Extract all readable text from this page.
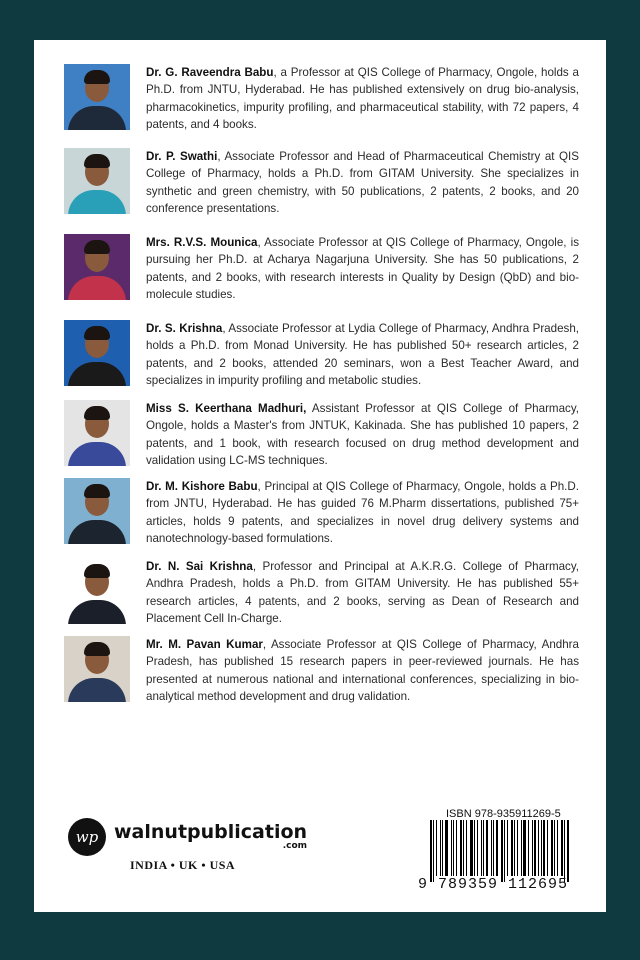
Dr. G. Raveendra Babu, a Professor at QIS College of Pharmacy, Ongole, holds a Ph.D. from JNTU, Hyderabad. He has published extensively on drug bio-analysis, pharmacokinetics, impurity profiling, and pharmaceutical stability, with 72 papers, 4 patents, and 4 books.
Dr. P. Swathi, Associate Professor and Head of Pharmaceutical Chemistry at QIS College of Pharmacy, holds a Ph.D. from GITAM University. She specializes in synthetic and green chemistry, with 50 publications, 2 patents, 2 books, and 20 conference presentations.
Mrs. R.V.S. Mounica, Associate Professor at QIS College of Pharmacy, Ongole, is pursuing her Ph.D. at Acharya Nagarjuna University. She has 50 publications, 2 patents, and 2 books, with research interests in Quality by Design (QbD) and bio-molecule studies.
Dr. S. Krishna, Associate Professor at Lydia College of Pharmacy, Andhra Pradesh, holds a Ph.D. from Monad University. He has published 50+ research articles, 2 patents, and 2 books, attended 20 seminars, won a Best Teacher Award, and specializes in impurity profiling and metabolic studies.
Miss S. Keerthana Madhuri, Assistant Professor at QIS College of Pharmacy, Ongole, holds a Master's from JNTUK, Kakinada. She has published 10 papers, 2 patents, and 1 book, with research focused on drug method development and validation using LC-MS techniques.
Dr. M. Kishore Babu, Principal at QIS College of Pharmacy, Ongole, holds a Ph.D. from JNTU, Hyderabad. He has guided 76 M.Pharm dissertations, published 75+ articles, holds 9 patents, and specializes in novel drug delivery systems and nanotechnology-based formulations.
Dr. N. Sai Krishna, Professor and Principal at A.K.R.G. College of Pharmacy, Andhra Pradesh, holds a Ph.D. from GITAM University. He has published 55+ research articles, 4 patents, and 2 books, serving as Dean of Research and Placement Cell In-Charge.
Mr. M. Pavan Kumar, Associate Professor at QIS College of Pharmacy, Andhra Pradesh, has published 15 research papers in peer-reviewed journals. He has presented at numerous national and international conferences, specializing in bio-analytical method development and drug validation.
wp walnutpublication
.com
INDIA • UK • USA
ISBN 978-935911269-5
9 789359 112695
